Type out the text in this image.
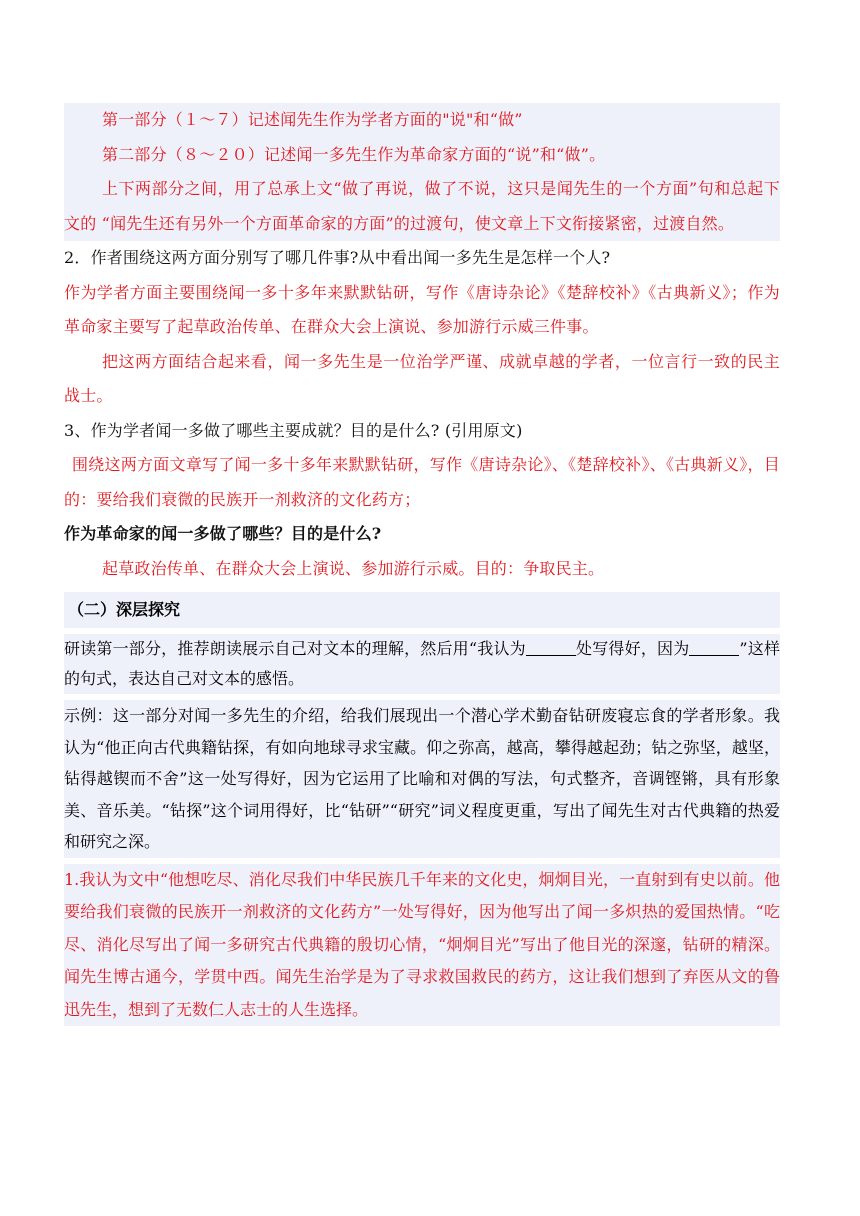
第一部分（１～７）记述闻先生作为学者方面的"说"和“做”

第二部分（８～２０）记述闻一多先生作为革命家方面的“说”和“做”。

上下两部分之间，用了总承上文“做了再说，做了不说，这只是闻先生的一个方面”句和总起下文的 “闻先生还有另外一个方面革命家的方面”的过渡句，使文章上下文衔接紧密，过渡自然。

2．作者围绕这两方面分别写了哪几件事?从中看出闻一多先生是怎样一个人?

作为学者方面主要围绕闻一多十多年来默默钻研，写作《唐诗杂论》《楚辞校补》《古典新义》；作为革命家主要写了起草政治传单、在群众大会上演说、参加游行示威三件事。

把这两方面结合起来看，闻一多先生是一位治学严谨、成就卓越的学者，一位言行一致的民主战士。

3、作为学者闻一多做了哪些主要成就？目的是什么? (引用原文)

围绕这两方面文章写了闻一多十多年来默默钻研，写作《唐诗杂论》、《楚辞校补》、《古典新义》，目的：要给我们衰微的民族开一剂救济的文化药方；

作为革命家的闻一多做了哪些？目的是什么?

起草政治传单、在群众大会上演说、参加游行示威。目的：争取民主。

（二）深层探究

研读第一部分，推荐朗读展示自己对文本的理解，然后用“我认为	处写得好，因为	”这样的句式，表达自己对文本的感悟。

示例：这一部分对闻一多先生的介绍，给我们展现出一个潜心学术勤奋钻研废寝忘食的学者形象。我认为“他正向古代典籍钻探，有如向地球寻求宝藏。仰之弥高，越高，攀得越起劲；钻之弥坚，越坚，钻得越锲而不舍”这一处写得好，因为它运用了比喻和对偶的写法，句式整齐，音调铿锵，具有形象美、音乐美。“钻探”这个词用得好，比“钻研”“研究”词义程度更重，写出了闻先生对古代典籍的热爱和研究之深。

1.我认为文中“他想吃尽、消化尽我们中华民族几千年来的文化史，炯炯目光，一直射到有史以前。他要给我们衰微的民族开一剂救济的文化药方”一处写得好，因为他写出了闻一多炽热的爱国热情。“吃尽、消化尽写出了闻一多研究古代典籍的殷切心情，“炯炯目光”写出了他目光的深邃，钻研的精深。闻先生博古通今，学贯中西。闻先生治学是为了寻求救国救民的药方，这让我们想到了弃医从文的鲁迅先生，想到了无数仁人志士的人生选择。
